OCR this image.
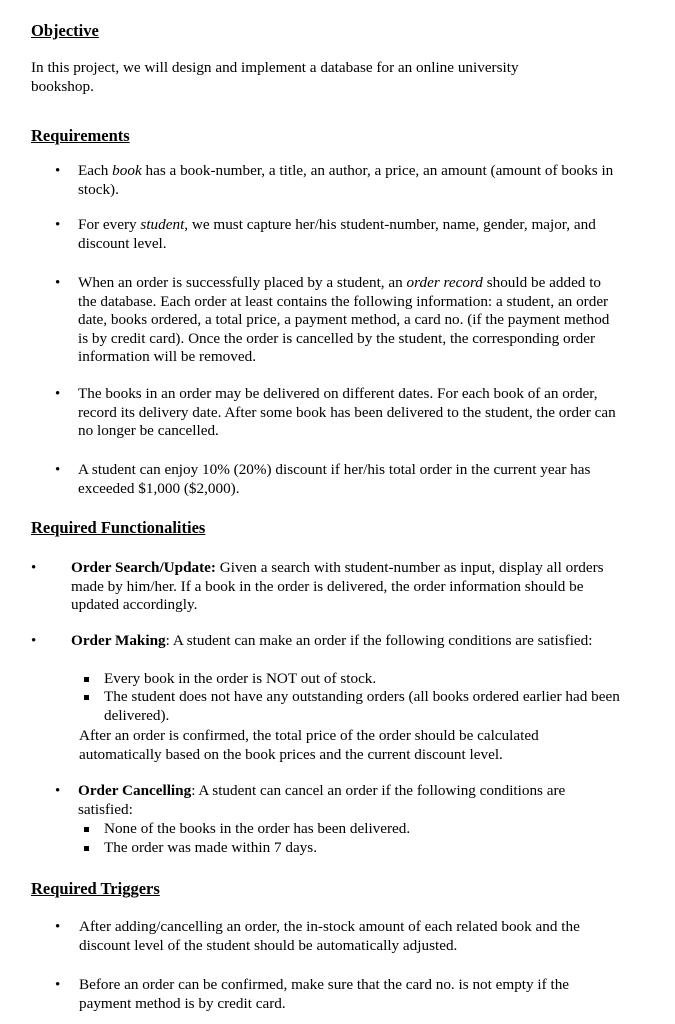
Objective

In this project, we will design and implement a database for an online university bookshop.

Requirements
• Each book has a book-number, a title, an author, a price, an amount (amount of books in stock).
• For every student, we must capture her/his student-number, name, gender, major, and discount level.
• When an order is successfully placed by a student, an order record should be added to the database. Each order at least contains the following information: a student, an order date, books ordered, a total price, a payment method, a card no. (if the payment method is by credit card). Once the order is cancelled by the student, the corresponding order information will be removed.
• The books in an order may be delivered on different dates. For each book of an order, record its delivery date. After some book has been delivered to the student, the order can no longer be cancelled.
• A student can enjoy 10% (20%) discount if her/his total order in the current year has exceeded $1,000 ($2,000).
Required Functionalities
• Order Search/Update: Given a search with student-number as input, display all orders made by him/her. If a book in the order is delivered, the order information should be updated accordingly.
• Order Making: A student can make an order if the following conditions are satisfied:
Every book in the order is NOT out of stock.
The student does not have any outstanding orders (all books ordered earlier had been delivered).
After an order is confirmed, the total price of the order should be calculated automatically based on the book prices and the current discount level.
• Order Cancelling: A student can cancel an order if the following conditions are satisfied:
None of the books in the order has been delivered.
The order was made within 7 days.
Required Triggers
• After adding/cancelling an order, the in-stock amount of each related book and the discount level of the student should be automatically adjusted.
• Before an order can be confirmed, make sure that the card no. is not empty if the payment method is by credit card.
